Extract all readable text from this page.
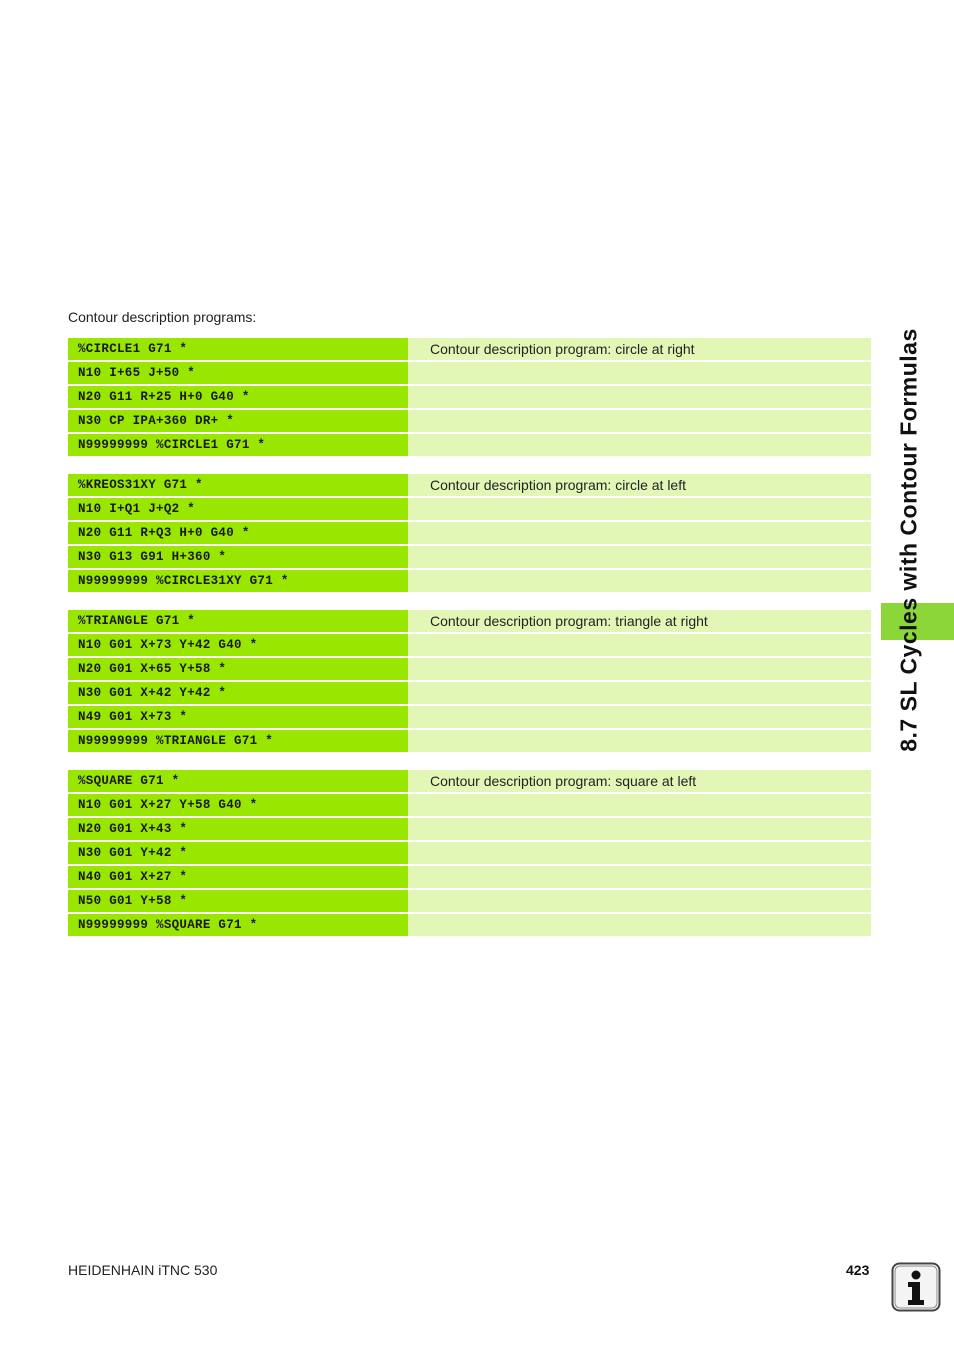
Contour description programs:
%CIRCLE1 G71 *	Contour description program: circle at right
N10 I+65 J+50 *
N20 G11 R+25 H+0 G40 *
N30 CP IPA+360 DR+ *
N99999999 %CIRCLE1 G71 *
%KREOS31XY G71 *	Contour description program: circle at left
N10 I+Q1 J+Q2 *
N20 G11 R+Q3 H+0 G40 *
N30 G13 G91 H+360 *
N99999999 %CIRCLE31XY G71 *
%TRIANGLE G71 *	Contour description program: triangle at right
N10 G01 X+73 Y+42 G40 *
N20 G01 X+65 Y+58 *
N30 G01 X+42 Y+42 *
N49 G01 X+73 *
N99999999 %TRIANGLE G71 *
%SQUARE G71 *	Contour description program: square at left
N10 G01 X+27 Y+58 G40 *
N20 G01 X+43 *
N30 G01 Y+42 *
N40 G01 X+27 *
N50 G01 Y+58 *
N99999999 %SQUARE G71 *
8.7 SL Cycles with Contour Formulas
HEIDENHAIN iTNC 530	423
